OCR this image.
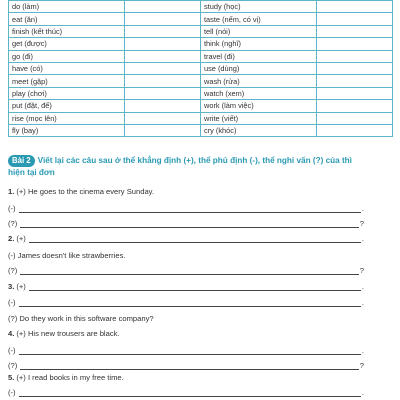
do (làm)		study (học)	
eat (ăn)		taste (nếm, có vị)	
finish (kết thúc)		tell (nói)	
get (được)		think (nghĩ)	
go (đi)		travel (đi)	
have (có)		use (dùng)	
meet (gặp)		wash (rửa)	
play (chơi)		watch (xem)	
put (đặt, để)		work (làm việc)	
rise (mọc lên)		write (viết)	
fly (bay)		cry (khóc)	
Bài 2 Viết lại các câu sau ở thể khẳng định (+), thể phủ định (-), thể nghi vấn (?) của thì
hiện tại đơn
1. (+) He goes to the cinema every Sunday.
(-)	.
(?)	?
2. (+)	.
(-) James doesn't like strawberries.
(?)	?
3. (+)	.
(-)	.
(?) Do they work in this software company?
4. (+) His new trousers are black.
(-)	.
(?)	?
5. (+) I read books in my free time.
(-)	.
